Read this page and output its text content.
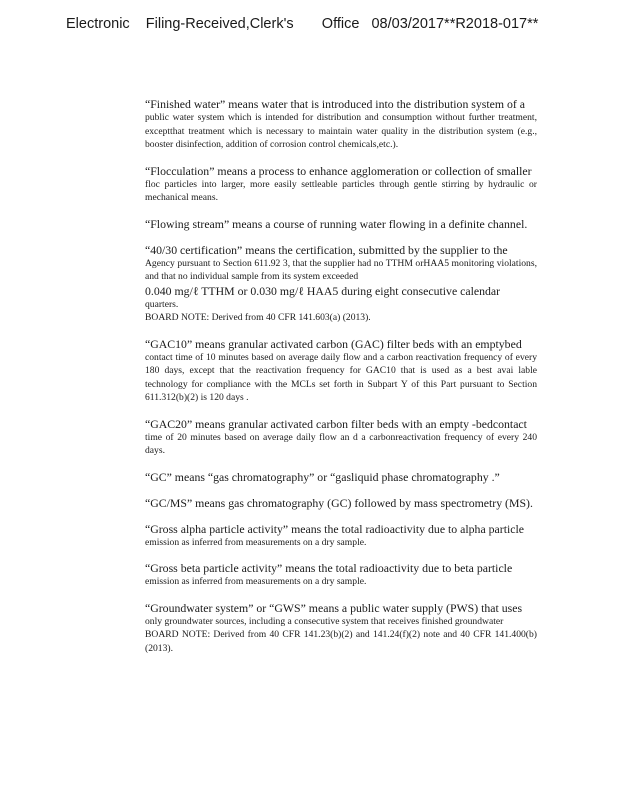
Electronic    Filing-Received,Clerk's       Office   08/03/2017**R2018-017**
“Finished water” means water that is introduced into the distribution system of a
public water system which is intended for distribution and consumption without further treatment, exceptthat treatment which is necessary to maintain water quality in the distribution system (e.g., booster disinfection, addition of corrosion control chemicals,etc.).
“Flocculation” means a process to enhance agglomeration or collection of smaller
floc particles into larger, more easily settleable particles through gentle stirring by hydraulic or mechanical means.
“Flowing stream” means a course of running water flowing in a definite channel.
“40/30 certification” means the certification, submitted by the supplier to the
Agency pursuant to Section 611.92 3, that the supplier had no TTHM orHAA5 monitoring violations, and that no individual sample from its system exceeded
0.040 mg/ℓ TTHM or 0.030 mg/ℓ HAA5 during eight consecutive calendar
quarters.
BOARD NOTE: Derived from 40 CFR 141.603(a) (2013).
“GAC10” means granular activated carbon (GAC) filter beds with an emptybed
contact time of 10 minutes based on average daily flow and a carbon reactivation frequency of every 180 days, except that the reactivation frequency for GAC10 that is used as a best avai lable technology for compliance with the MCLs set forth in Subpart Y of this Part pursuant to Section 611.312(b)(2) is 120 days .
“GAC20” means granular activated carbon filter beds with an empty -bedcontact
time of 20 minutes based on average daily flow an d a carbonreactivation frequency of every 240 days.
“GC” means “gas chromatography” or “gasliquid phase chromatography .”
“GC/MS” means gas chromatography (GC) followed by mass spectrometry (MS).
“Gross alpha particle activity” means the total radioactivity due to alpha particle
emission as inferred from measurements on a dry sample.
“Gross beta particle activity” means the total radioactivity due to beta particle
emission as inferred from measurements on a dry sample.
“Groundwater system” or “GWS” means a public water supply (PWS) that uses
only groundwater sources, including a consecutive system that receives finished groundwater
BOARD NOTE: Derived from 40 CFR 141.23(b)(2) and 141.24(f)(2) note and 40 CFR 141.400(b) (2013).
